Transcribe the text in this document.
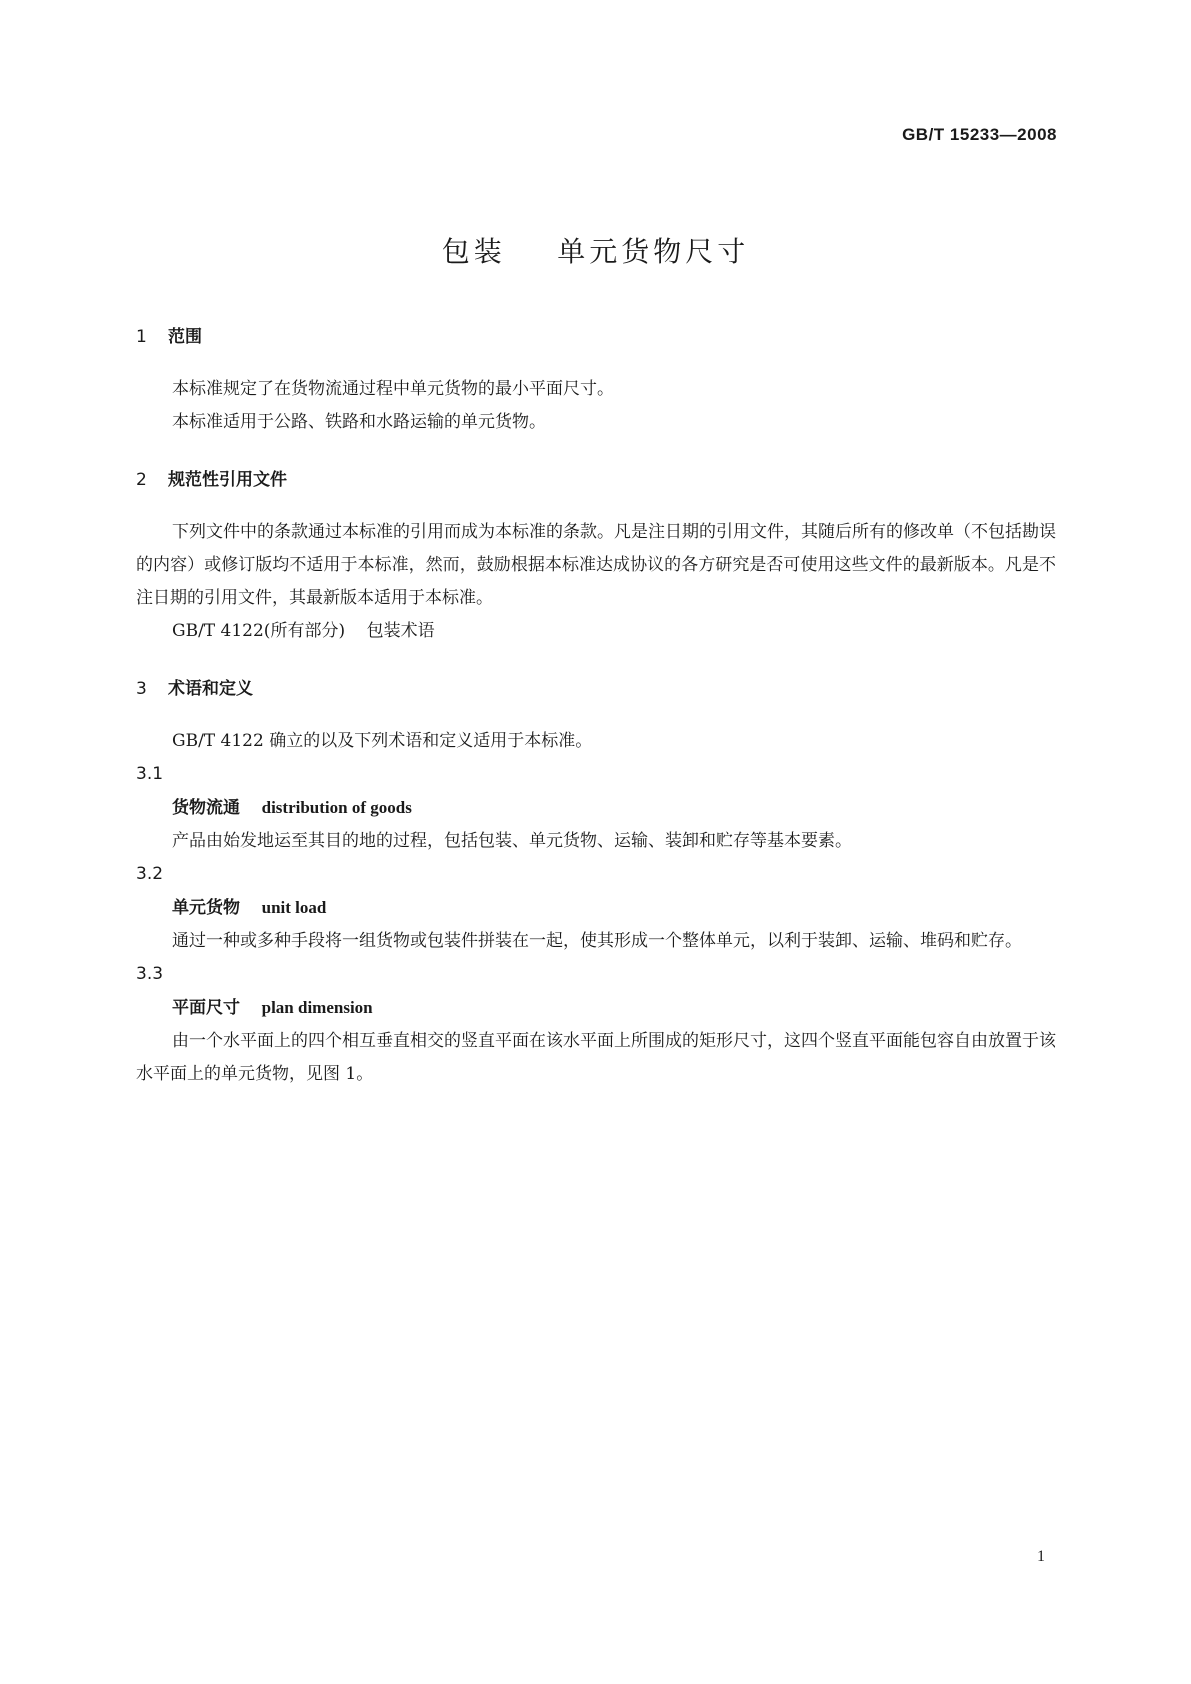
GB/T 15233—2008
包装    单元货物尺寸
1 范围

本标准规定了在货物流通过程中单元货物的最小平面尺寸。

本标准适用于公路、铁路和水路运输的单元货物。

2 规范性引用文件

下列文件中的条款通过本标准的引用而成为本标准的条款。凡是注日期的引用文件，其随后所有的修改单（不包括勘误的内容）或修订版均不适用于本标准，然而，鼓励根据本标准达成协议的各方研究是否可使用这些文件的最新版本。凡是不注日期的引用文件，其最新版本适用于本标准。

GB/T 4122(所有部分)    包装术语
3 术语和定义

GB/T 4122 确立的以及下列术语和定义适用于本标准。

3.1
货物流通 distribution of goods

产品由始发地运至其目的地的过程，包括包装、单元货物、运输、装卸和贮存等基本要素。

3.2
单元货物 unit load

通过一种或多种手段将一组货物或包装件拼装在一起，使其形成一个整体单元，以利于装卸、运输、堆码和贮存。

3.3
平面尺寸 plan dimension

由一个水平面上的四个相互垂直相交的竖直平面在该水平面上所围成的矩形尺寸，这四个竖直平面能包容自由放置于该水平面上的单元货物，见图 1。

1
